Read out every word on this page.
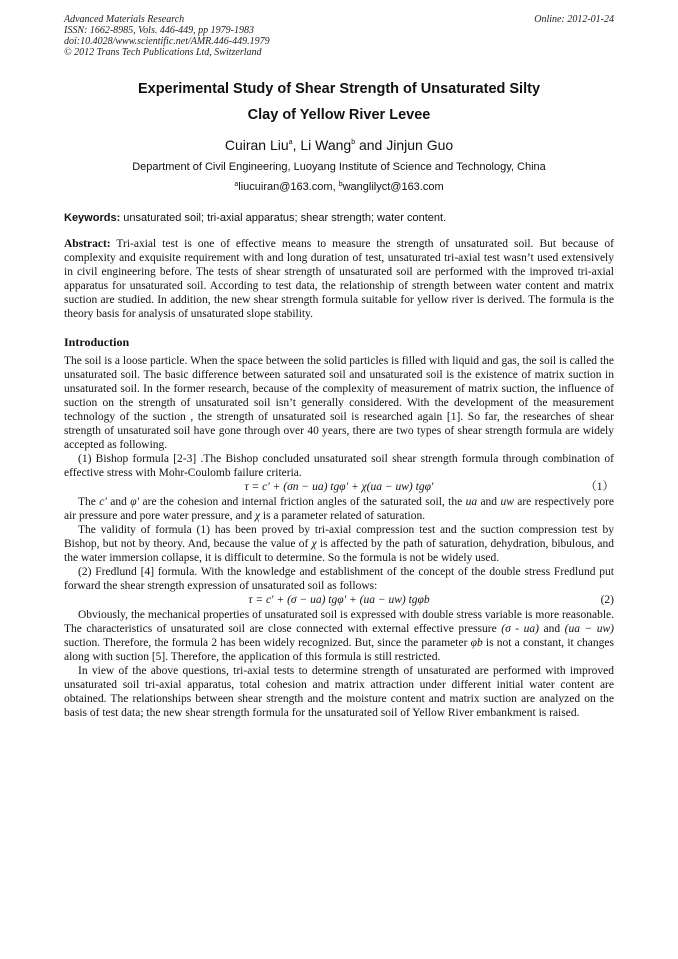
Advanced Materials Research
ISSN: 1662-8985, Vols. 446-449, pp 1979-1983
doi:10.4028/www.scientific.net/AMR.446-449.1979
© 2012 Trans Tech Publications Ltd, Switzerland
Online: 2012-01-24
Experimental Study of Shear Strength of Unsaturated Silty
Clay of Yellow River Levee
Cuiran Liu$^a$, Li Wang$^b$ and Jinjun Guo
Department of Civil Engineering, Luoyang Institute of Science and Technology, China
$^a$liucuiran@163.com, $^b$wanglilyct@163.com
Keywords: unsaturated soil; tri-axial apparatus; shear strength; water content.

Abstract: Tri-axial test is one of effective means to measure the strength of unsaturated soil. But because of complexity and exquisite requirement with and long duration of test, unsaturated tri-axial test wasn’t used extensively in civil engineering before. The tests of shear strength of unsaturated soil are performed with the improved tri-axial apparatus for unsaturated soil. According to test data, the relationship of strength between water content and matrix suction are studied. In addition, the new shear strength formula suitable for yellow river is derived. The formula is the theory basis for analysis of unsaturated slope stability.

Introduction

The soil is a loose particle. When the space between the solid particles is filled with liquid and gas, the soil is called the unsaturated soil. The basic difference between saturated soil and unsaturated soil is the existence of matrix suction in unsaturated soil. In the former research, because of the complexity of measurement of matrix suction, the influence of suction on the strength of unsaturated soil isn’t generally considered. With the development of the measurement technology of the suction , the strength of unsaturated soil is researched again [1]. So far, the researches of shear strength of unsaturated soil have gone through over 40 years, there are two types of shear strength formula are widely accepted as following.

(1) Bishop formula [2-3] .The Bishop concluded unsaturated soil shear strength formula through combination of effective stress with Mohr-Coulomb failure criteria.

τ = c′ + (σn − ua) tgφ′ + χ(ua − uw) tgφ′	（1）

The c′ and φ′ are the cohesion and internal friction angles of the saturated soil, the ua and uw are respectively pore air pressure and pore water pressure, and χ is a parameter related of saturation.

The validity of formula (1) has been proved by tri-axial compression test and the suction compression test by Bishop, but not by theory. And, because the value of χ is affected by the path of saturation, dehydration, bibulous, and the water immersion collapse, it is difficult to determine. So the formula is not be widely used.

(2) Fredlund [4] formula. With the knowledge and establishment of the concept of the double stress Fredlund put forward the shear strength expression of unsaturated soil as follows:

τ = c′ + (σ − ua) tgφ′ + (ua − uw) tgφb	(2)

Obviously, the mechanical properties of unsaturated soil is expressed with double stress variable is more reasonable. The characteristics of unsaturated soil are close connected with external effective pressure (σ - ua) and (ua − uw) suction. Therefore, the formula 2 has been widely recognized. But, since the parameter φb is not a constant, it changes along with suction [5]. Therefore, the application of this formula is still restricted.

In view of the above questions, tri-axial tests to determine strength of unsaturated are performed with improved unsaturated soil tri-axial apparatus, total cohesion and matrix attraction under different initial water content are obtained. The relationships between shear strength and the moisture content and matrix suction are analyzed on the basis of test data; the new shear strength formula for the unsaturated soil of Yellow River embankment is raised.
